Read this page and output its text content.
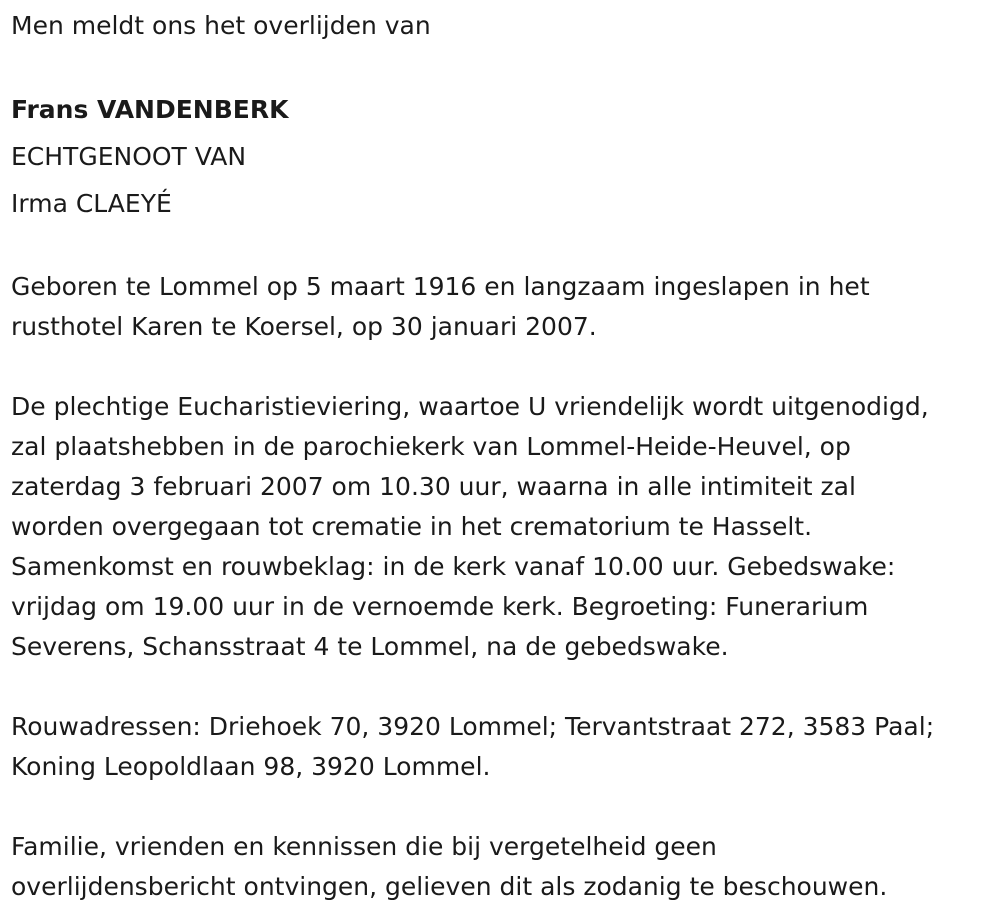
Men meldt ons het overlijden van

Frans VANDENBERK

ECHTGENOOT VAN

Irma CLAEYÉ

Geboren te Lommel op 5 maart 1916 en langzaam ingeslapen in het
rusthotel Karen te Koersel, op 30 januari 2007.

De plechtige Eucharistieviering, waartoe U vriendelijk wordt uitgenodigd,
zal plaatshebben in de parochiekerk van Lommel-Heide-Heuvel, op
zaterdag 3 februari 2007 om 10.30 uur, waarna in alle intimiteit zal
worden overgegaan tot crematie in het crematorium te Hasselt.
Samenkomst en rouwbeklag: in de kerk vanaf 10.00 uur. Gebedswake:
vrijdag om 19.00 uur in de vernoemde kerk. Begroeting: Funerarium
Severens, Schansstraat 4 te Lommel, na de gebedswake.

Rouwadressen: Driehoek 70, 3920 Lommel; Tervantstraat 272, 3583 Paal;
Koning Leopoldlaan 98, 3920 Lommel.

Familie, vrienden en kennissen die bij vergetelheid geen
overlijdensbericht ontvingen, gelieven dit als zodanig te beschouwen.
